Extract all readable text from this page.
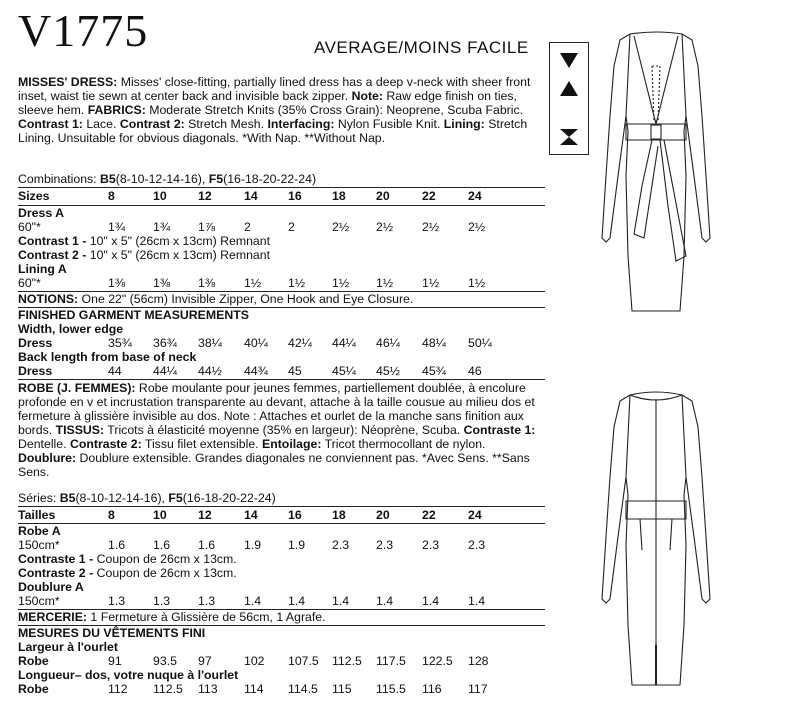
V1775	AVERAGE/MOINS FACILE
MISSES' DRESS: Misses' close-fitting, partially lined dress has a deep v-neck with sheer front inset, waist tie sewn at center back and invisible back zipper. Note: Raw edge finish on ties, sleeve hem. FABRICS: Moderate Stretch Knits (35% Cross Grain): Neoprene, Scuba Fabric. Contrast 1: Lace. Contrast 2: Stretch Mesh. Interfacing: Nylon Fusible Knit. Lining: Stretch Lining. Unsuitable for obvious diagonals. *With Nap. **Without Nap.
Combinations: B5(8-10-12-14-16), F5(16-18-20-22-24)
Sizes	8	10	12	14 16 18 20	22	24
Dress A
60"*	1¾ 1¾ 1⅞ 2	2	2½ 2½ 2½ 2½
Contrast 1 - 10" x 5" (26cm x 13cm) Remnant
Contrast 2 - 10" x 5" (26cm x 13cm) Remnant
Lining A
60"*	1⅜ 1⅜ 1⅜ 1½ 1½ 1½ 1½ 1½ 1½
NOTIONS: One 22" (56cm) Invisible Zipper, One Hook and Eye Closure.
FINISHED GARMENT MEASUREMENTS
Width, lower edge
Dress	35¾ 36¾ 38¼ 40¼ 42¼ 44¼ 46¼ 48¼ 50¼
Back length from base of neck
Dress	44	44¼ 44½ 44¾ 45 45¼ 45½ 45¾ 46
ROBE (J. FEMMES): Robe moulante pour jeunes femmes, partiellement doublée, à encolure profonde en v et incrustation transparente au devant, attache à la taille cousue au milieu dos et fermeture à glissière invisible au dos. Note : Attaches et ourlet de la manche sans finition aux bords. TISSUS: Tricots à élasticité moyenne (35% en largeur): Néoprène, Scuba. Contraste 1: Dentelle. Contraste 2: Tissu filet extensible. Entoilage: Tricot thermocollant de nylon. Doublure: Doublure extensible. Grandes diagonales ne conviennent pas. *Avec Sens. **Sans Sens.
Séries: B5(8-10-12-14-16), F5(16-18-20-22-24)
Tailles	8	10	12	14 16 18 20	22	24
Robe A
150cm*	1.6 1.6 1.6 1.9 1.9 2.3 2.3 2.3 2.3
Contraste 1 - Coupon de 26cm x 13cm.
Contraste 2 - Coupon de 26cm x 13cm.
Doublure A
150cm*	1.3 1.3 1.3 1.4 1.4 1.4 1.4 1.4 1.4
MERCERIE: 1 Fermeture à Glissière de 56cm, 1 Agrafe.
MESURES DU VÊTEMENTS FINI
Largeur à l'ourlet
Robe	91	93.5 97	102 107.5 112.5 117.5 122.5 128
Longueur– dos, votre nuque à l'ourlet
Robe	112 112.5 113 114 114.5 115 115.5 116 117
